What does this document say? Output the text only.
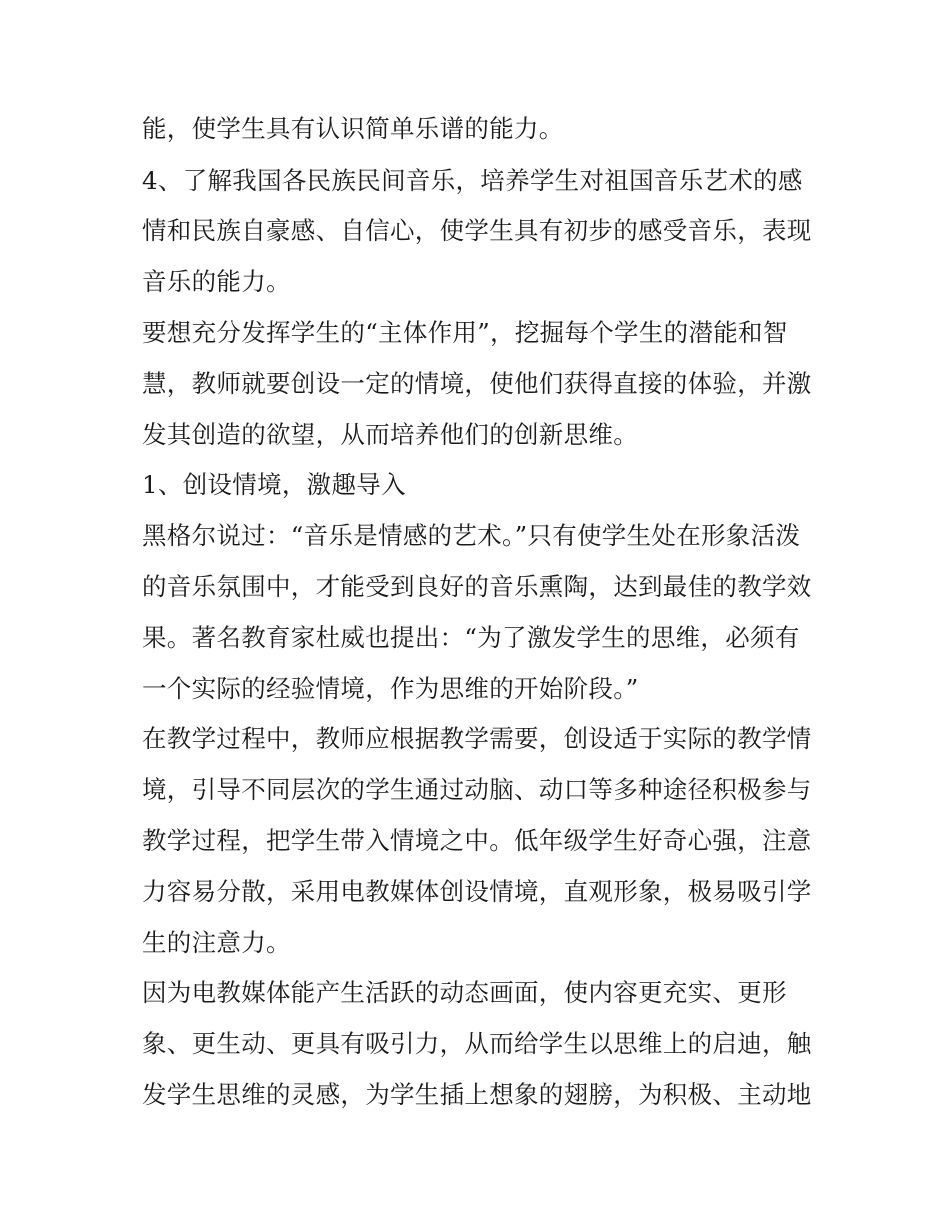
能，使学生具有认识简单乐谱的能力。
4、了解我国各民族民间音乐，培养学生对祖国音乐艺术的感
情和民族自豪感、自信心，使学生具有初步的感受音乐，表现
音乐的能力。
要想充分发挥学生的“主体作用”，挖掘每个学生的潜能和智
慧，教师就要创设一定的情境，使他们获得直接的体验，并激
发其创造的欲望，从而培养他们的创新思维。
1、创设情境，激趣导入
黑格尔说过：“音乐是情感的艺术。”只有使学生处在形象活泼
的音乐氛围中，才能受到良好的音乐熏陶，达到最佳的教学效
果。著名教育家杜威也提出：“为了激发学生的思维，必须有
一个实际的经验情境，作为思维的开始阶段。”
在教学过程中，教师应根据教学需要，创设适于实际的教学情
境，引导不同层次的学生通过动脑、动口等多种途径积极参与
教学过程，把学生带入情境之中。低年级学生好奇心强，注意
力容易分散，采用电教媒体创设情境，直观形象，极易吸引学
生的注意力。
因为电教媒体能产生活跃的动态画面，使内容更充实、更形
象、更生动、更具有吸引力，从而给学生以思维上的启迪，触
发学生思维的灵感，为学生插上想象的翅膀，为积极、主动地
